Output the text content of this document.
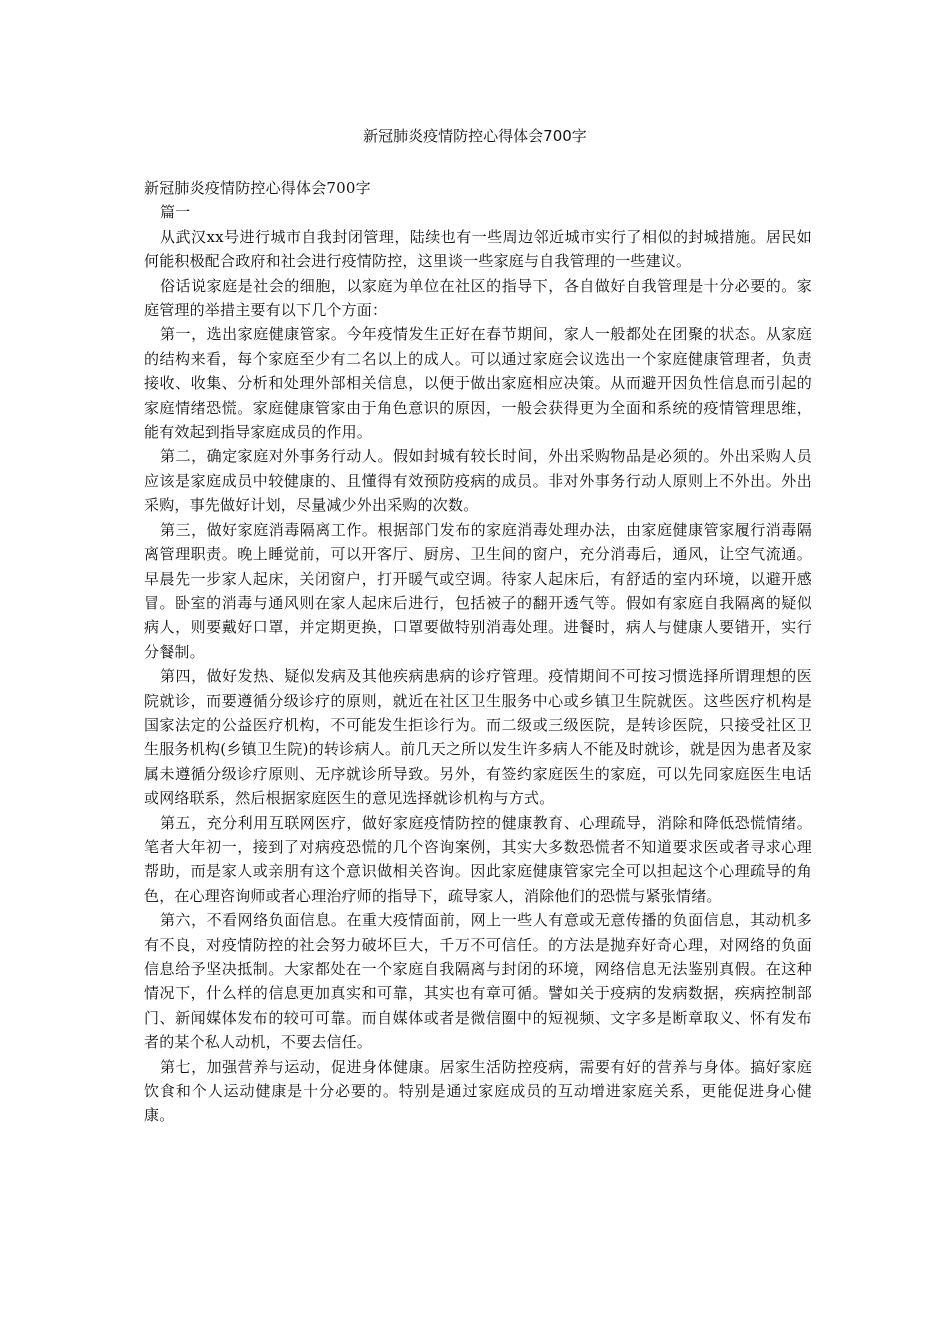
新冠肺炎疫情防控心得体会700字

新冠肺炎疫情防控心得体会700字

篇一

从武汉xx号进行城市自我封闭管理，陆续也有一些周边邻近城市实行了相似的封城措施。居民如何能积极配合政府和社会进行疫情防控，这里谈一些家庭与自我管理的一些建议。

俗话说家庭是社会的细胞，以家庭为单位在社区的指导下，各自做好自我管理是十分必要的。家庭管理的举措主要有以下几个方面：

第一，选出家庭健康管家。今年疫情发生正好在春节期间，家人一般都处在团聚的状态。从家庭的结构来看，每个家庭至少有二名以上的成人。可以通过家庭会议选出一个家庭健康管理者，负责接收、收集、分析和处理外部相关信息，以便于做出家庭相应决策。从而避开因负性信息而引起的家庭情绪恐慌。家庭健康管家由于角色意识的原因，一般会获得更为全面和系统的疫情管理思维，能有效起到指导家庭成员的作用。

第二，确定家庭对外事务行动人。假如封城有较长时间，外出采购物品是必须的。外出采购人员应该是家庭成员中较健康的、且懂得有效预防疫病的成员。非对外事务行动人原则上不外出。外出采购，事先做好计划，尽量减少外出采购的次数。

第三，做好家庭消毒隔离工作。根据部门发布的家庭消毒处理办法，由家庭健康管家履行消毒隔离管理职责。晚上睡觉前，可以开客厅、厨房、卫生间的窗户，充分消毒后，通风，让空气流通。早晨先一步家人起床，关闭窗户，打开暖气或空调。待家人起床后，有舒适的室内环境，以避开感冒。卧室的消毒与通风则在家人起床后进行，包括被子的翻开透气等。假如有家庭自我隔离的疑似病人，则要戴好口罩，并定期更换，口罩要做特别消毒处理。进餐时，病人与健康人要错开，实行分餐制。

第四，做好发热、疑似发病及其他疾病患病的诊疗管理。疫情期间不可按习惯选择所谓理想的医院就诊，而要遵循分级诊疗的原则，就近在社区卫生服务中心或乡镇卫生院就医。这些医疗机构是国家法定的公益医疗机构，不可能发生拒诊行为。而二级或三级医院，是转诊医院，只接受社区卫生服务机构(乡镇卫生院)的转诊病人。前几天之所以发生许多病人不能及时就诊，就是因为患者及家属未遵循分级诊疗原则、无序就诊所导致。另外，有签约家庭医生的家庭，可以先同家庭医生电话或网络联系，然后根据家庭医生的意见选择就诊机构与方式。

第五，充分利用互联网医疗，做好家庭疫情防控的健康教育、心理疏导，消除和降低恐慌情绪。笔者大年初一，接到了对病疫恐慌的几个咨询案例，其实大多数恐慌者不知道要求医或者寻求心理帮助，而是家人或亲朋有这个意识做相关咨询。因此家庭健康管家完全可以担起这个心理疏导的角色，在心理咨询师或者心理治疗师的指导下，疏导家人，消除他们的恐慌与紧张情绪。

第六，不看网络负面信息。在重大疫情面前，网上一些人有意或无意传播的负面信息，其动机多有不良，对疫情防控的社会努力破坏巨大，千万不可信任。的方法是抛弃好奇心理，对网络的负面信息给予坚决抵制。大家都处在一个家庭自我隔离与封闭的环境，网络信息无法鉴别真假。在这种情况下，什么样的信息更加真实和可靠，其实也有章可循。譬如关于疫病的发病数据，疾病控制部门、新闻媒体发布的较可可靠。而自媒体或者是微信圈中的短视频、文字多是断章取义、怀有发布者的某个私人动机，不要去信任。

第七，加强营养与运动，促进身体健康。居家生活防控疫病，需要有好的营养与身体。搞好家庭饮食和个人运动健康是十分必要的。特别是通过家庭成员的互动增进家庭关系，更能促进身心健康。
